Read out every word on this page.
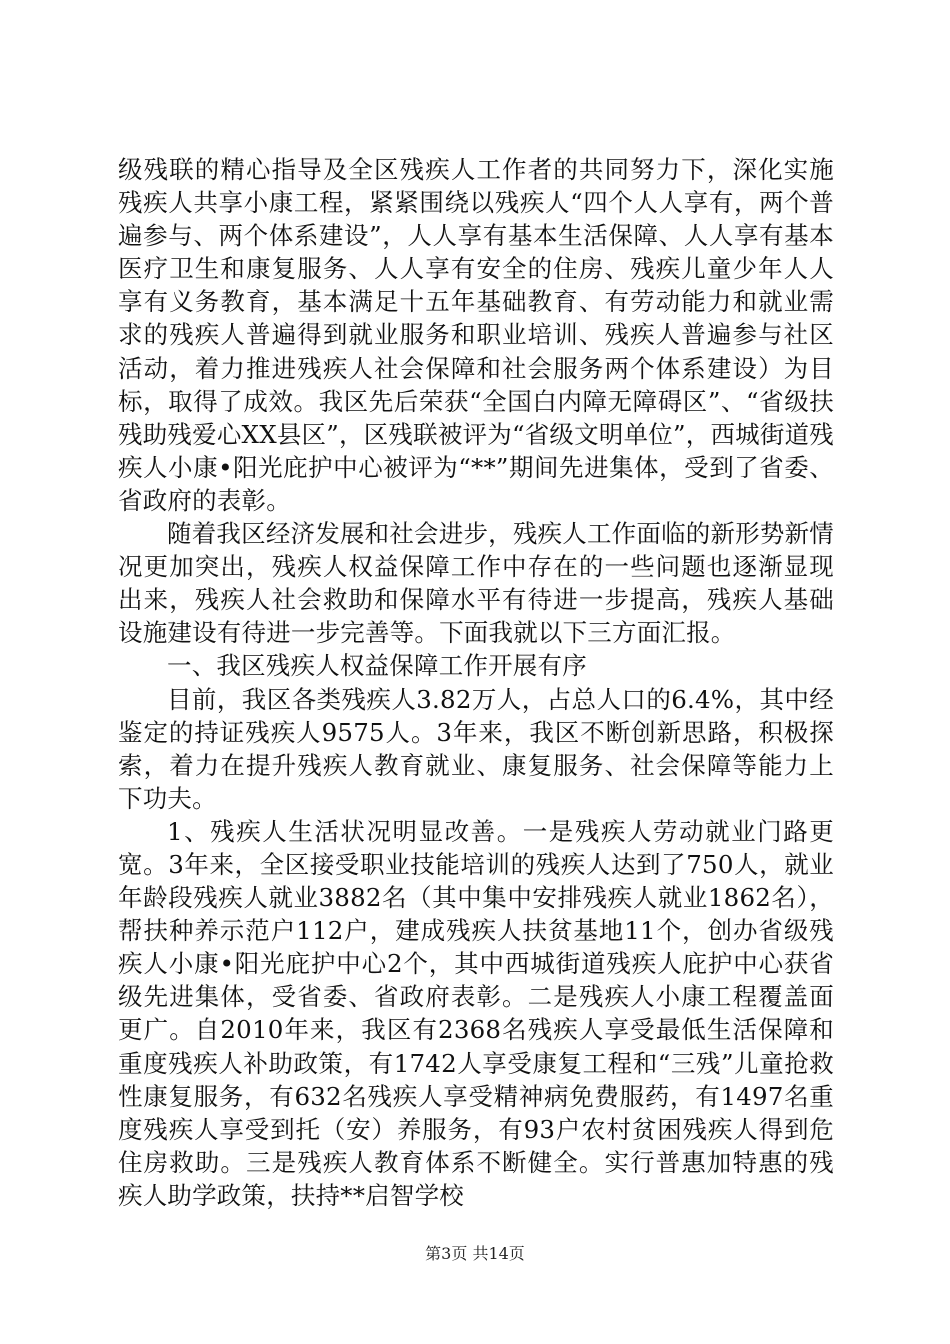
级残联的精心指导及全区残疾人工作者的共同努力下，深化实施残疾人共享小康工程，紧紧围绕以残疾人“四个人人享有，两个普遍参与、两个体系建设”，人人享有基本生活保障、人人享有基本医疗卫生和康复服务、人人享有安全的住房、残疾儿童少年人人享有义务教育，基本满足十五年基础教育、有劳动能力和就业需求的残疾人普遍得到就业服务和职业培训、残疾人普遍参与社区活动，着力推进残疾人社会保障和社会服务两个体系建设）为目标，取得了成效。我区先后荣获“全国白内障无障碍区”、“省级扶残助残爱心XX县区”，区残联被评为“省级文明单位”，西城街道残疾人小康•阳光庇护中心被评为“**”期间先进集体，受到了省委、省政府的表彰。

随着我区经济发展和社会进步，残疾人工作面临的新形势新情况更加突出，残疾人权益保障工作中存在的一些问题也逐渐显现出来，残疾人社会救助和保障水平有待进一步提高，残疾人基础设施建设有待进一步完善等。下面我就以下三方面汇报。

一、我区残疾人权益保障工作开展有序

目前，我区各类残疾人3.82万人，占总人口的6.4%，其中经鉴定的持证残疾人9575人。3年来，我区不断创新思路，积极探索，着力在提升残疾人教育就业、康复服务、社会保障等能力上下功夫。

1、残疾人生活状况明显改善。一是残疾人劳动就业门路更宽。3年来，全区接受职业技能培训的残疾人达到了750人，就业年龄段残疾人就业3882名（其中集中安排残疾人就业1862名），帮扶种养示范户112户，建成残疾人扶贫基地11个，创办省级残疾人小康•阳光庇护中心2个，其中西城街道残疾人庇护中心获省级先进集体，受省委、省政府表彰。二是残疾人小康工程覆盖面更广。自2010年来，我区有2368名残疾人享受最低生活保障和重度残疾人补助政策，有1742人享受康复工程和“三残”儿童抢救性康复服务，有632名残疾人享受精神病免费服药，有1497名重度残疾人享受到托（安）养服务，有93户农村贫困残疾人得到危住房救助。三是残疾人教育体系不断健全。实行普惠加特惠的残疾人助学政策，扶持**启智学校

第3页 共14页
